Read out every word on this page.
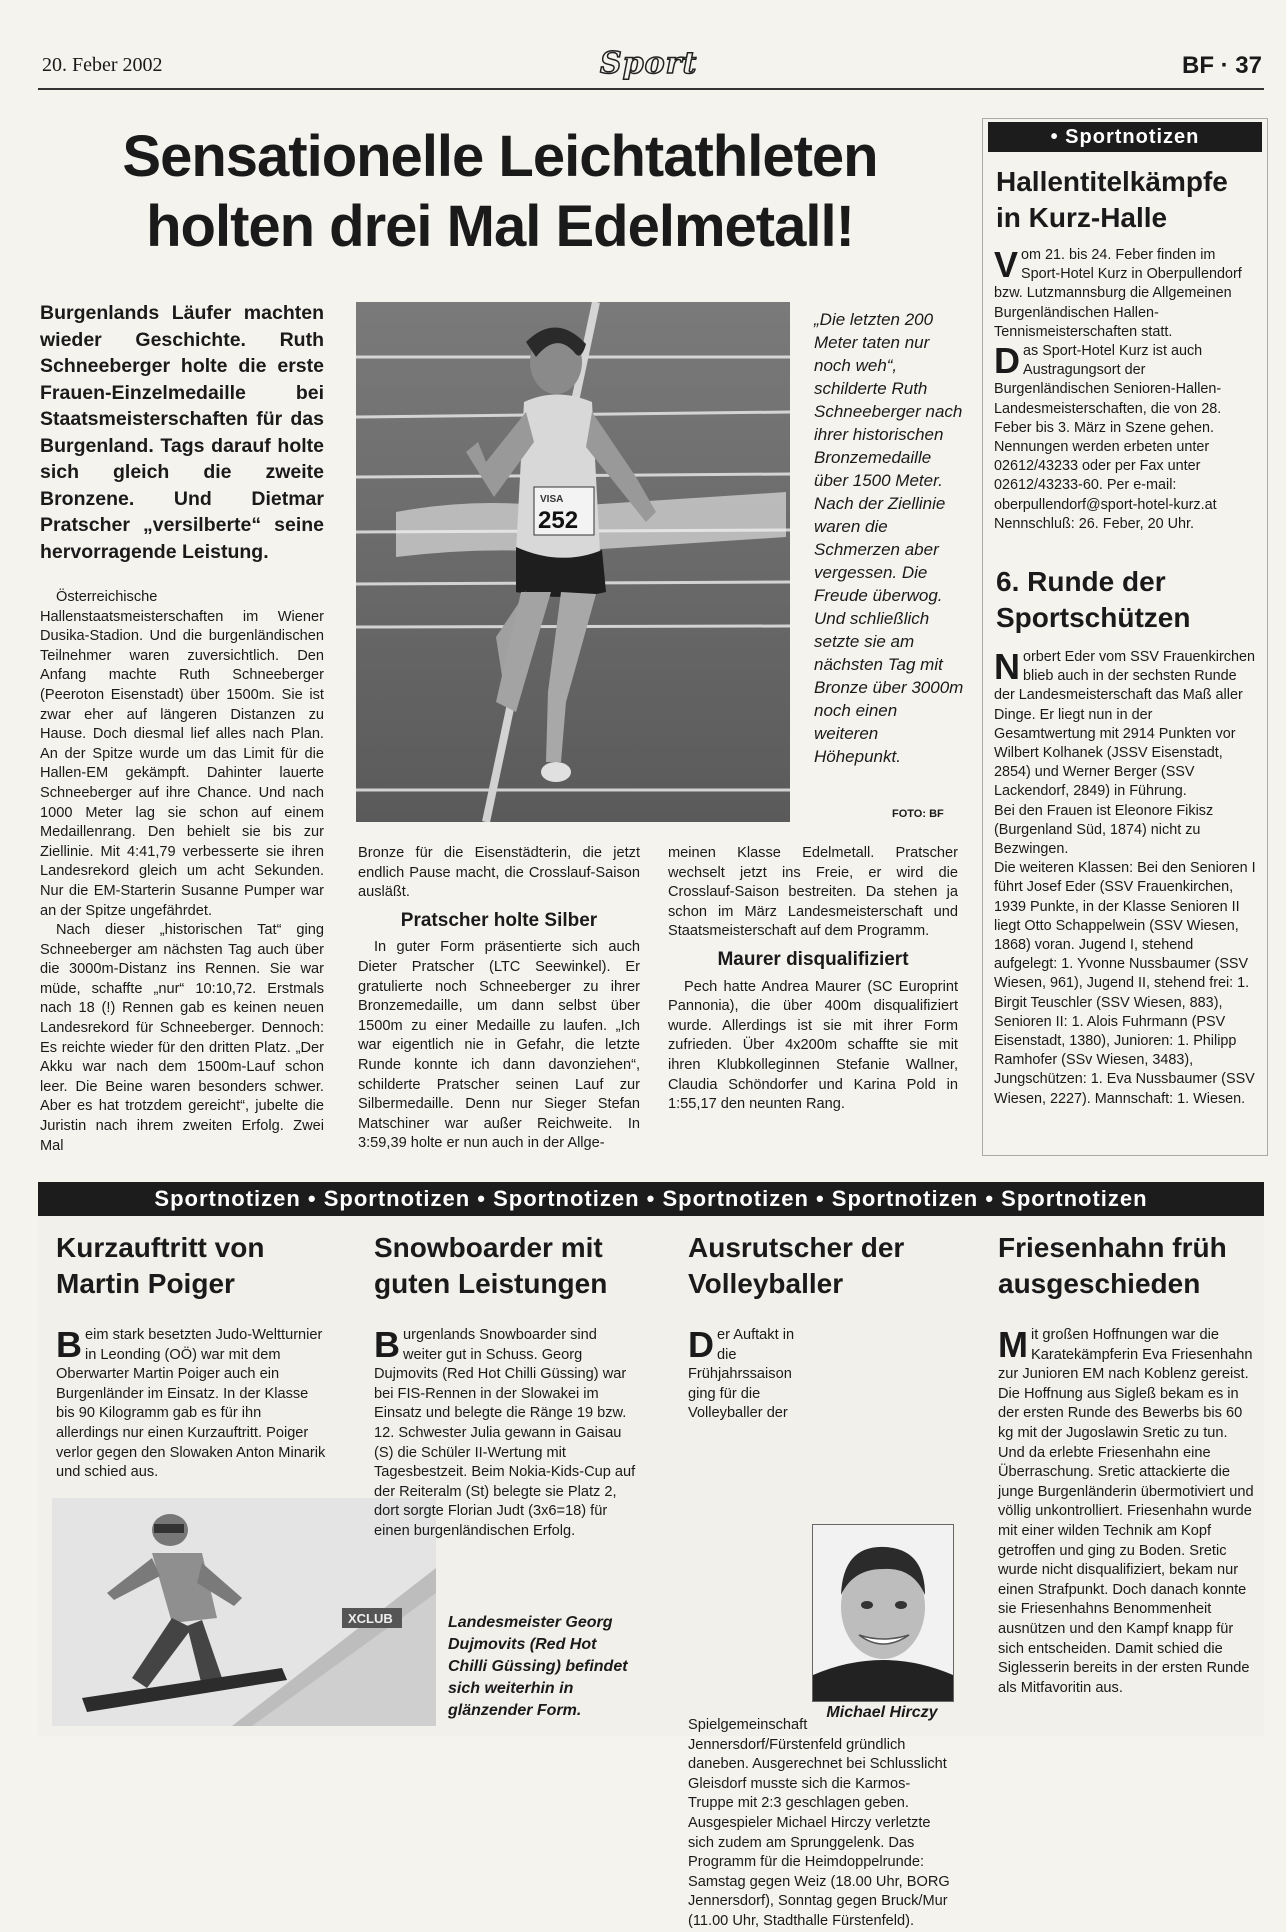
20. Feber 2002	Sport	BF · 37
Sensationelle Leichtathleten
holten drei Mal Edelmetall!
Burgenlands Läufer machten wieder Geschichte. Ruth Schneeberger holte die erste Frauen-Einzelmedaille bei Staatsmeisterschaften für das Burgenland. Tags darauf holte sich gleich die zweite Bronzene. Und Dietmar Pratscher „versilberte“ seine hervorragende Leistung.

Österreichische Hallenstaatsmeisterschaften im Wiener Dusika-Stadion. Und die burgenländischen Teilnehmer waren zuversichtlich. Den Anfang machte Ruth Schneeberger (Peeroton Eisenstadt) über 1500m. Sie ist zwar eher auf längeren Distanzen zu Hause. Doch diesmal lief alles nach Plan. An der Spitze wurde um das Limit für die Hallen-EM gekämpft. Dahinter lauerte Schneeberger auf ihre Chance. Und nach 1000 Meter lag sie schon auf einem Medaillenrang. Den behielt sie bis zur Ziellinie. Mit 4:41,79 verbesserte sie ihren Landesrekord gleich um acht Sekunden. Nur die EM-Starterin Susanne Pumper war an der Spitze ungefährdet.

Nach dieser „historischen Tat“ ging Schneeberger am nächsten Tag auch über die 3000m-Distanz ins Rennen. Sie war müde, schaffte „nur“ 10:10,72. Erstmals nach 18 (!) Rennen gab es keinen neuen Landesrekord für Schneeberger. Dennoch: Es reichte wieder für den dritten Platz. „Der Akku war nach dem 1500m-Lauf schon leer. Die Beine waren besonders schwer. Aber es hat trotzdem gereicht“, jubelte die Juristin nach ihrem zweiten Erfolg. Zwei Mal

VISA
252
„Die letzten 200 Meter taten nur noch weh“, schilderte Ruth Schneeberger nach ihrer historischen Bronzemedaille über 1500 Meter. Nach der Ziellinie waren die Schmerzen aber vergessen. Die Freude überwog. Und schließlich setzte sie am nächsten Tag mit Bronze über 3000m noch einen weiteren Höhepunkt.
FOTO: BF

Bronze für die Eisenstädterin, die jetzt endlich Pause macht, die Crosslauf-Saison ausläßt.

Pratscher holte Silber

In guter Form präsentierte sich auch Dieter Pratscher (LTC Seewinkel). Er gratulierte noch Schneeberger zu ihrer Bronzemedaille, um dann selbst über 1500m zu einer Medaille zu laufen. „Ich war eigentlich nie in Gefahr, die letzte Runde konnte ich dann davonziehen“, schilderte Pratscher seinen Lauf zur Silbermedaille. Denn nur Sieger Stefan Matschiner war außer Reichweite. In 3:59,39 holte er nun auch in der Allge-

meinen Klasse Edelmetall. Pratscher wechselt jetzt ins Freie, er wird die Crosslauf-Saison bestreiten. Da stehen ja schon im März Landesmeisterschaft und Staatsmeisterschaft auf dem Programm.

Maurer disqualifiziert

Pech hatte Andrea Maurer (SC Europrint Pannonia), die über 400m disqualifiziert wurde. Allerdings ist sie mit ihrer Form zufrieden. Über 4x200m schaffte sie mit ihren Klubkolleginnen Stefanie Wallner, Claudia Schöndorfer und Karina Pold in 1:55,17 den neunten Rang.

• Sportnotizen
Hallentitelkämpfe in Kurz-Halle

Vom 21. bis 24. Feber finden im Sport-Hotel Kurz in Oberpullendorf bzw. Lutzmannsburg die Allgemeinen Burgenländischen Hallen-Tennismeisterschaften statt.

Das Sport-Hotel Kurz ist auch Austragungsort der Burgenländischen Senioren-Hallen-Landesmeisterschaften, die von 28. Feber bis 3. März in Szene gehen. Nennungen werden erbeten unter 02612/43233 oder per Fax unter 02612/43233-60. Per e-mail: oberpullendorf@sport-hotel-kurz.at Nennschluß: 26. Feber, 20 Uhr.

6. Runde der Sportschützen

Norbert Eder vom SSV Frauenkirchen blieb auch in der sechsten Runde der Landesmeisterschaft das Maß aller Dinge. Er liegt nun in der Gesamtwertung mit 2914 Punkten vor Wilbert Kolhanek (JSSV Eisenstadt, 2854) und Werner Berger (SSV Lackendorf, 2849) in Führung.

Bei den Frauen ist Eleonore Fikisz (Burgenland Süd, 1874) nicht zu Bezwingen.

Die weiteren Klassen: Bei den Senioren I führt Josef Eder (SSV Frauenkirchen, 1939 Punkte, in der Klasse Senioren II liegt Otto Schappelwein (SSV Wiesen, 1868) voran. Jugend I, stehend aufgelegt: 1. Yvonne Nussbaumer (SSV Wiesen, 961), Jugend II, stehend frei: 1. Birgit Teuschler (SSV Wiesen, 883), Senioren II: 1. Alois Fuhrmann (PSV Eisenstadt, 1380), Junioren: 1. Philipp Ramhofer (SSv Wiesen, 3483), Jungschützen: 1. Eva Nussbaumer (SSV Wiesen, 2227). Mannschaft: 1. Wiesen.

Sportnotizen • Sportnotizen • Sportnotizen • Sportnotizen • Sportnotizen • Sportnotizen
Kurzauftritt von Martin Poiger

Beim stark besetzten Judo-Weltturnier in Leonding (OÖ) war mit dem Oberwarter Martin Poiger auch ein Burgenländer im Einsatz. In der Klasse bis 90 Kilogramm gab es für ihn allerdings nur einen Kurzauftritt. Poiger verlor gegen den Slowaken Anton Minarik und schied aus.

XCLUB
Snowboarder mit guten Leistungen

Burgenlands Snowboarder sind weiter gut in Schuss. Georg Dujmovits (Red Hot Chilli Güssing) war bei FIS-Rennen in der Slowakei im Einsatz und belegte die Ränge 19 bzw. 12. Schwester Julia gewann in Gaisau (S) die Schüler II-Wertung mit Tagesbestzeit. Beim Nokia-Kids-Cup auf der Reiteralm (St) belegte sie Platz 2, dort sorgte Florian Judt (3x6=18) für einen burgenländischen Erfolg.

Landesmeister Georg Dujmovits (Red Hot Chilli Güssing) befindet sich weiterhin in glänzender Form.
Ausrutscher der Volleyballer

Der Auftakt in die Frühjahrssaison ging für die Volleyballer der Spielgemeinschaft Jennersdorf/Fürstenfeld gründlich daneben. Ausgerechnet bei Schlusslicht Gleisdorf musste sich die Karmos-Truppe mit 2:3 geschlagen geben. Ausgespieler Michael Hirczy verletzte sich zudem am Sprunggelenk. Das Programm für die Heimdoppelrunde: Samstag gegen Weiz (18.00 Uhr, BORG Jennersdorf), Sonntag gegen Bruck/Mur (11.00 Uhr, Stadthalle Fürstenfeld).

Michael Hirczy
Friesenhahn früh ausgeschieden

Mit großen Hoffnungen war die Karatekämpferin Eva Friesenhahn zur Junioren EM nach Koblenz gereist. Die Hoffnung aus Sigleß bekam es in der ersten Runde des Bewerbs bis 60 kg mit der Jugoslawin Sretic zu tun. Und da erlebte Friesenhahn eine Überraschung. Sretic attackierte die junge Burgenländerin übermotiviert und völlig unkontrolliert. Friesenhahn wurde mit einer wilden Technik am Kopf getroffen und ging zu Boden. Sretic wurde nicht disqualifiziert, bekam nur einen Strafpunkt. Doch danach konnte sie Friesenhahns Benommenheit ausnützen und den Kampf knapp für sich entscheiden. Damit schied die Siglesserin bereits in der ersten Runde als Mitfavoritin aus.
